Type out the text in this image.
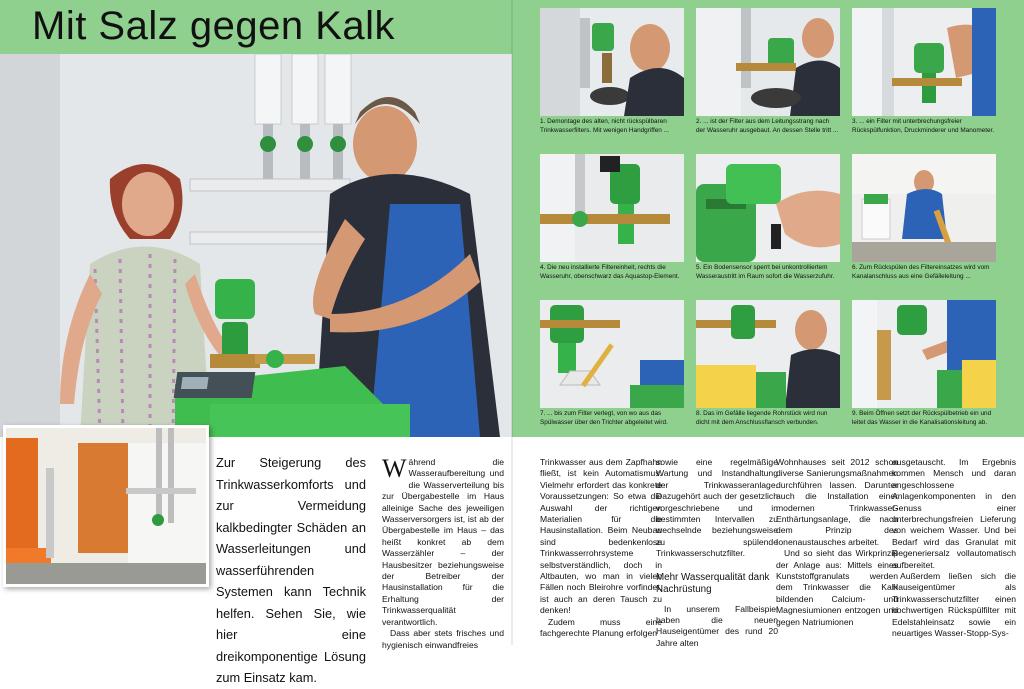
Mit Salz gegen Kalk

1. Demontage des alten, nicht rückspülbaren Trinkwasserfilters. Mit wenigen Handgriffen ...

2. ... ist der Filter aus dem Leitungsstrang nach der Wasseruhr ausgebaut. An dessen Stelle tritt ...

3. ... ein Filter mit unterbrechungsfreier Rückspülfunktion, Druckminderer und Manometer.

4. Die neu installierte Filtereinheit, rechts die Wasseruhr, obenschwarz das Aquastop-Element.

5. Ein Bodensensor sperrt bei unkontrolliertem Wasseraustritt im Raum sofort die Wasserzufuhr.

6. Zum Rückspülen des Filtereinsatzes wird vom Kanalanschluss aus eine Gefälleleitung ...

7. ... bis zum Filter verlegt, von wo aus das Spülwasser über den Trichter abgeleitet wird.

8. Das im Gefälle liegende Rohrstück wird nun dicht mit dem Anschlussflansch verbunden.

9. Beim Öffnen setzt der Rückspülbetrieb ein und leitet das Wasser in die Kanalisationsleitung ab.

Zur Steigerung des Trinkwasserkomforts und zur Vermeidung kalkbedingter Schäden an Wasserleitungen und wasserführenden Systemen kann Technik helfen. Sehen Sie, wie hier eine dreikomponentige Lösung zum Einsatz kam.

Während die Wasseraufbereitung und die Wasserverteilung bis zur Übergabestelle im Haus alleinige Sache des jeweiligen Wasserversorgers ist, ist ab der Übergabestelle im Haus – das heißt konkret ab dem Wasserzähler – der Hausbesitzer beziehungsweise der Betreiber der Hausinstallation für die Erhaltung der Trinkwasserqualität verantwortlich.

Dass aber stets frisches und hygienisch einwandfreies

Trinkwasser aus dem Zapfhahn fließt, ist kein Automatismus. Vielmehr erfordert das konkrete Voraussetzungen: So etwa die Auswahl der richtigen Materialien für die Hausinstallation. Beim Neubau sind bedenkenlose Trinkwasserrohrsysteme selbstverständlich, doch in Altbauten, wo man in vielen Fällen noch Bleirohre vorfindet, ist auch an deren Tausch zu denken!

Zudem muss eine fachgerechte Planung erfolgen

sowie eine regelmäßige Wartung und Instandhaltung der Trinkwasseranlage. Dazugehört auch der gesetzlich vorgeschriebene und in bestimmten Intervallen zu wechselnde beziehungsweise zu spülende Trinkwasserschutzfilter.

Mehr Wasserqualität dank Nachrüstung

In unserem Fallbeispiel haben die neuen Hauseigentümer des rund 20 Jahre alten

Wohnhauses seit 2012 schon diverse Sanierungsmaßnahmen durchführen lassen. Darunter auch die Installation einer modernen Trinkwasser-Enthärtungsanlage, die nach dem Prinzip des Ionenaustausches arbeitet.

Und so sieht das Wirkprinzip der Anlage aus: Mittels eines Kunststoffgranulats werden dem Trinkwasser die Kalk bildenden Calcium- und Magnesiumionen entzogen und gegen Natriumionen

ausgetauscht. Im Ergebnis kommen Mensch und daran angeschlossene Anlagenkomponenten in den Genuss einer unterbrechungsfreien Lieferung von weichem Wasser. Und bei Bedarf wird das Granulat mit Regeneriersalz vollautomatisch aufbereitet.

Außerdem ließen sich die Hauseigentümer als Trinkwasserschutzfilter einen hochwertigen Rückspülfilter mit Edelstahleinsatz sowie ein neuartiges Wasser-Stopp-Sys-
